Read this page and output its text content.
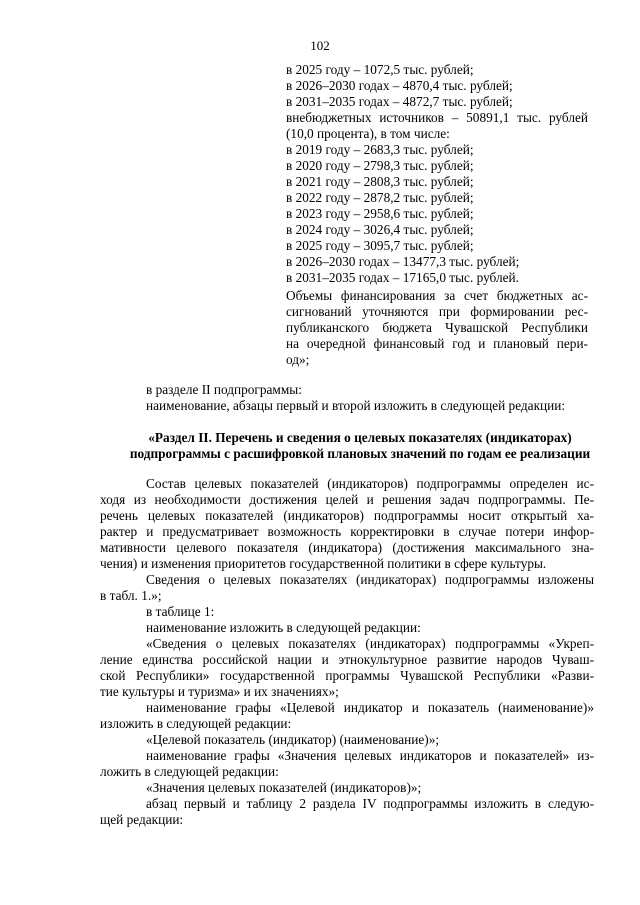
102
в 2025 году – 1072,5 тыс. рублей;
в 2026–2030 годах – 4870,4 тыс. рублей;
в 2031–2035 годах – 4872,7 тыс. рублей;
внебюджетных источников – 50891,1 тыс. рублей
(10,0 процента), в том числе:
в 2019 году – 2683,3 тыс. рублей;
в 2020 году – 2798,3 тыс. рублей;
в 2021 году – 2808,3 тыс. рублей;
в 2022 году – 2878,2 тыс. рублей;
в 2023 году – 2958,6 тыс. рублей;
в 2024 году – 3026,4 тыс. рублей;
в 2025 году – 3095,7 тыс. рублей;
в 2026–2030 годах – 13477,3 тыс. рублей;
в 2031–2035 годах – 17165,0 тыс. рублей.
Объемы финансирования за счет бюджетных ас-
сигнований уточняются при формировании рес-
публиканского бюджета Чувашской Республики
на очередной финансовый год и плановый пери-
од»;
в разделе II подпрограммы:
наименование, абзацы первый и второй изложить в следующей редакции:
«Раздел II. Перечень и сведения о целевых показателях (индикаторах)
подпрограммы с расшифровкой плановых значений по годам ее реализации
Состав целевых показателей (индикаторов) подпрограммы определен ис-
ходя из необходимости достижения целей и решения задач подпрограммы. Пе-
речень целевых показателей (индикаторов) подпрограммы носит открытый ха-
рактер и предусматривает возможность корректировки в случае потери инфор-
мативности целевого показателя (индикатора) (достижения максимального зна-
чения) и изменения приоритетов государственной политики в сфере культуры.
Сведения о целевых показателях (индикаторах) подпрограммы изложены
в табл. 1.»;
в таблице 1:
наименование изложить в следующей редакции:
«Сведения о целевых показателях (индикаторах) подпрограммы «Укреп-
ление единства российской нации и этнокультурное развитие народов Чуваш-
ской Республики» государственной программы Чувашской Республики «Разви-
тие культуры и туризма» и их значениях»;
наименование графы «Целевой индикатор и показатель (наименование)»
изложить в следующей редакции:
«Целевой показатель (индикатор) (наименование)»;
наименование графы «Значения целевых индикаторов и показателей» из-
ложить в следующей редакции:
«Значения целевых показателей (индикаторов)»;
абзац первый и таблицу 2 раздела IV подпрограммы изложить в следую-
щей редакции:
